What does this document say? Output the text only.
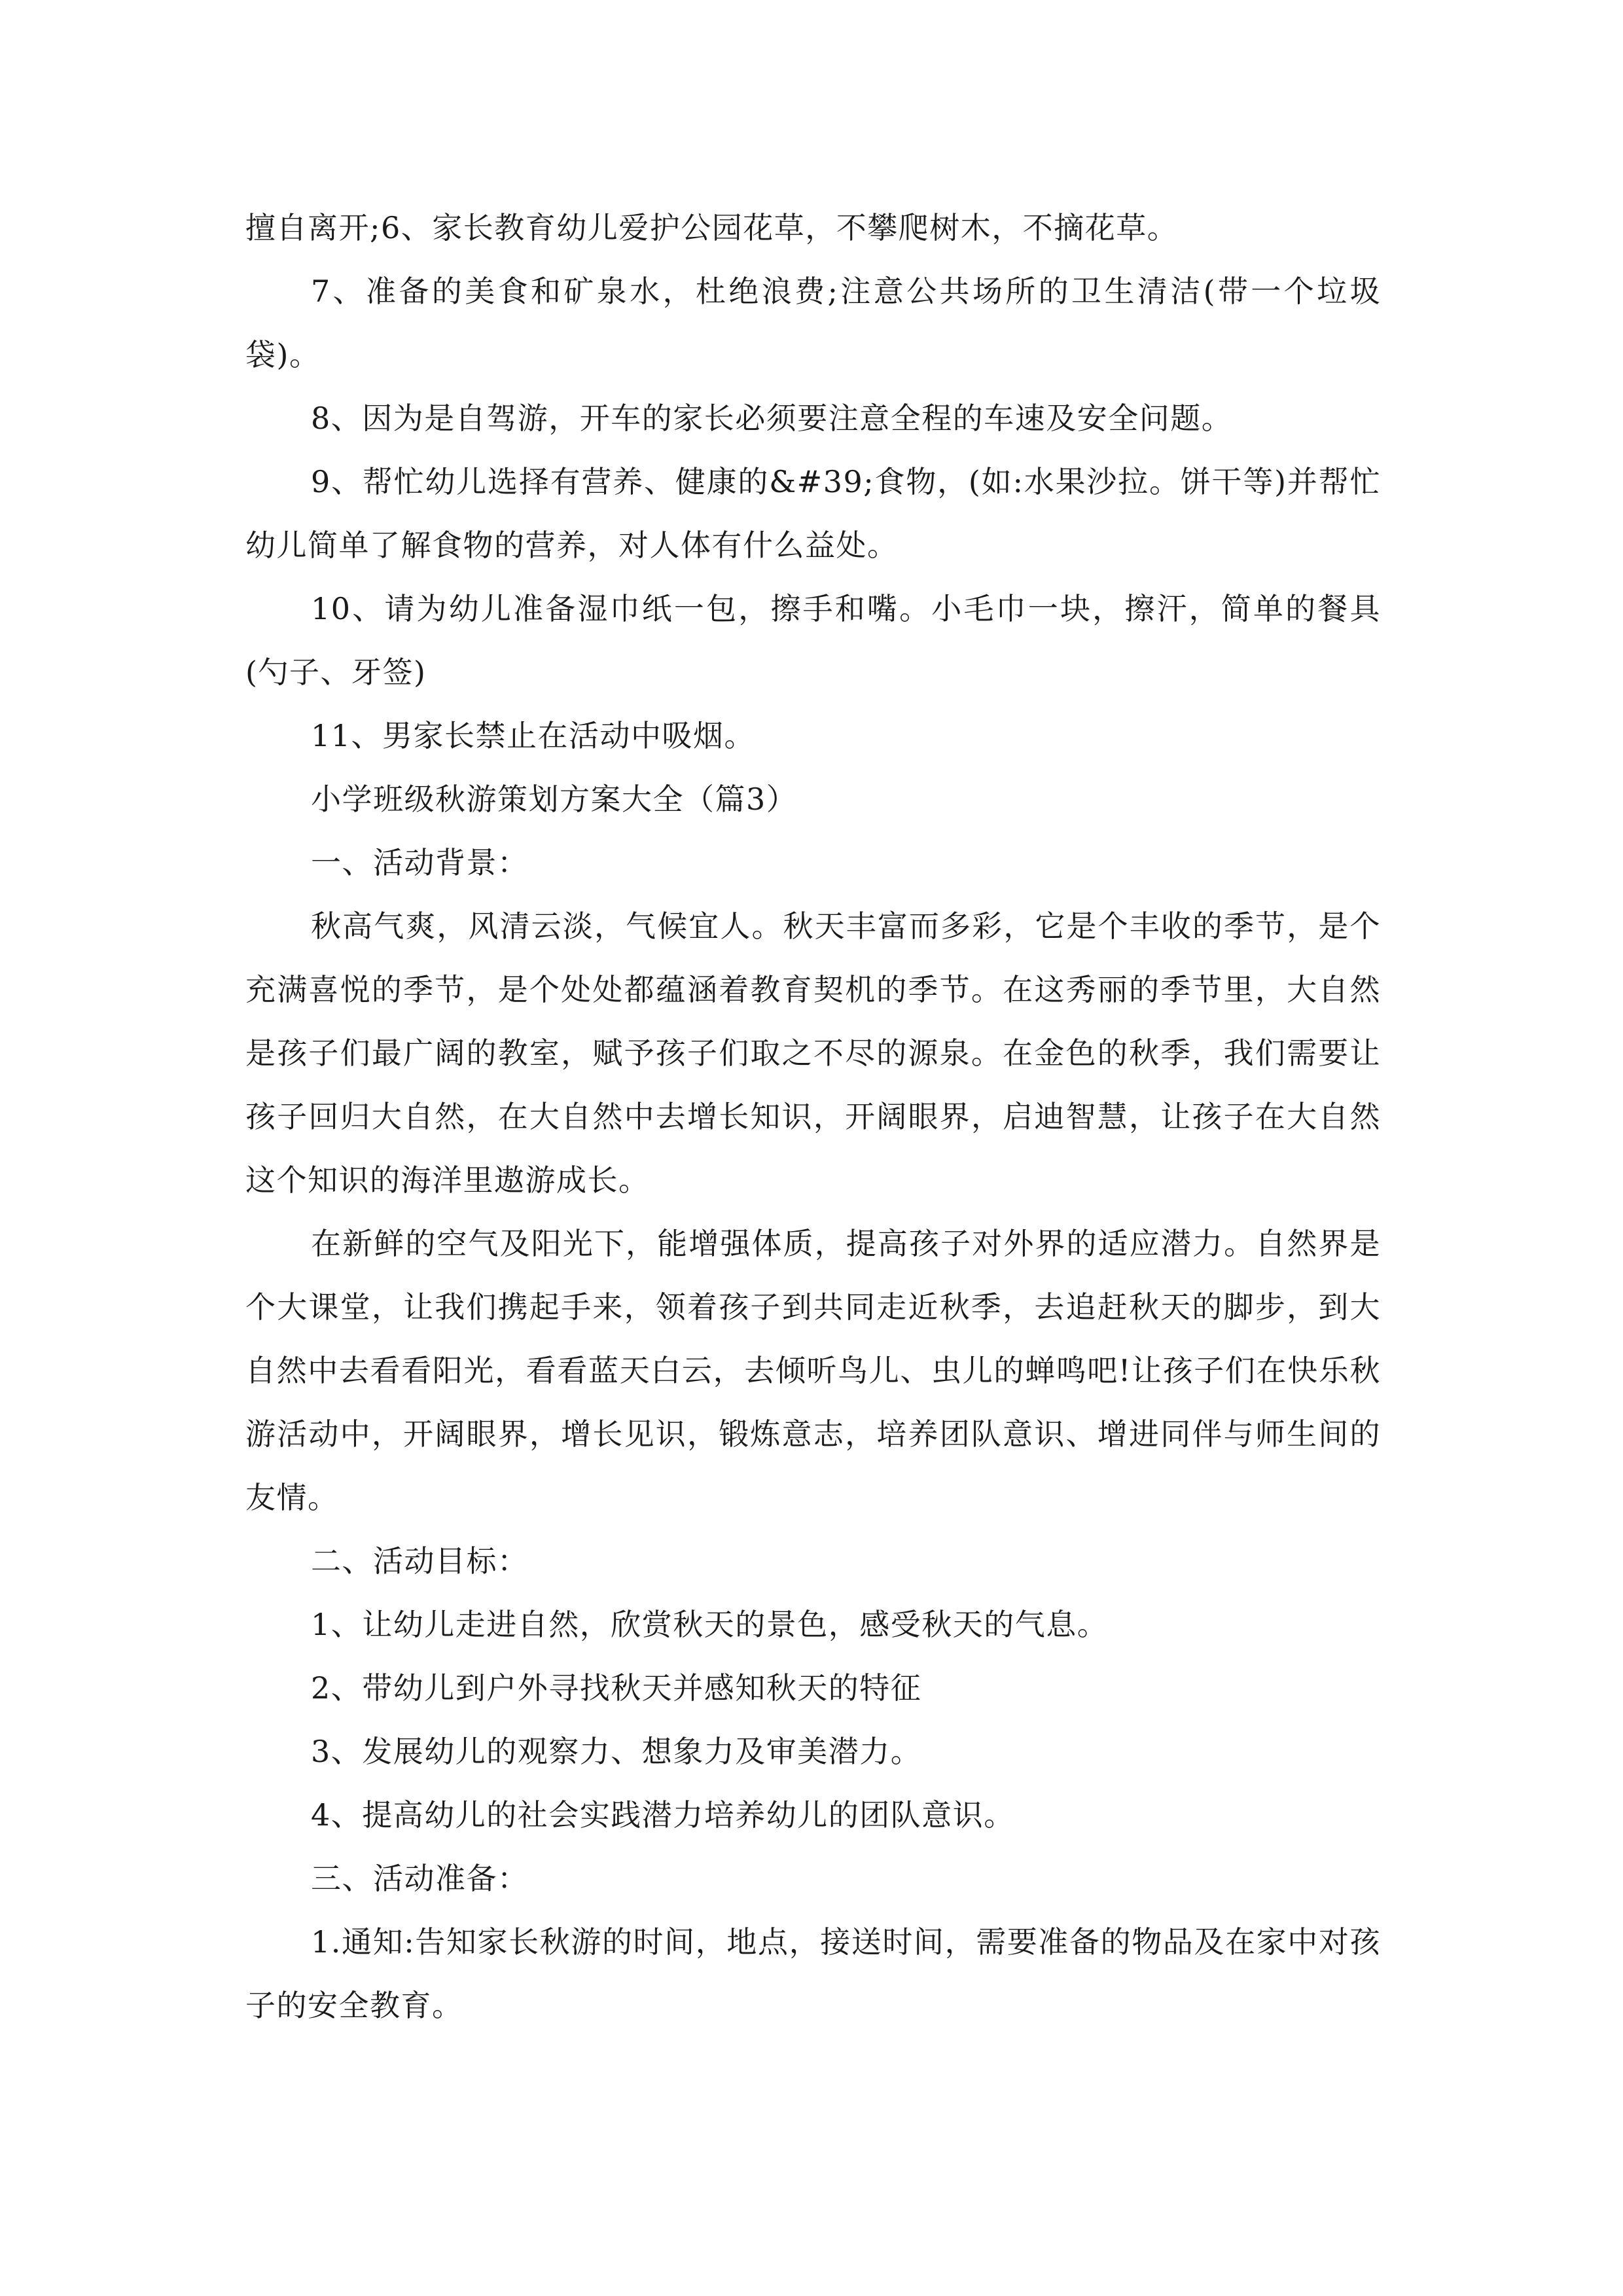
擅自离开;6、家长教育幼儿爱护公园花草，不攀爬树木，不摘花草。

7、准备的美食和矿泉水，杜绝浪费;注意公共场所的卫生清洁(带一个垃圾袋)。

8、因为是自驾游，开车的家长必须要注意全程的车速及安全问题。

9、帮忙幼儿选择有营养、健康的&#39;食物，(如:水果沙拉。饼干等)并帮忙幼儿简单了解食物的营养，对人体有什么益处。

10、请为幼儿准备湿巾纸一包，擦手和嘴。小毛巾一块，擦汗，简单的餐具(勺子、牙签)

11、男家长禁止在活动中吸烟。

小学班级秋游策划方案大全（篇3）

一、活动背景：

秋高气爽，风清云淡，气候宜人。秋天丰富而多彩，它是个丰收的季节，是个充满喜悦的季节，是个处处都蕴涵着教育契机的季节。在这秀丽的季节里，大自然是孩子们最广阔的教室，赋予孩子们取之不尽的源泉。在金色的秋季，我们需要让孩子回归大自然，在大自然中去增长知识，开阔眼界，启迪智慧，让孩子在大自然这个知识的海洋里遨游成长。

在新鲜的空气及阳光下，能增强体质，提高孩子对外界的适应潜力。自然界是个大课堂，让我们携起手来，领着孩子到共同走近秋季，去追赶秋天的脚步，到大自然中去看看阳光，看看蓝天白云，去倾听鸟儿、虫儿的蝉鸣吧!让孩子们在快乐秋游活动中，开阔眼界，增长见识，锻炼意志，培养团队意识、增进同伴与师生间的友情。

二、活动目标：

1、让幼儿走进自然，欣赏秋天的景色，感受秋天的气息。

2、带幼儿到户外寻找秋天并感知秋天的特征

3、发展幼儿的观察力、想象力及审美潜力。

4、提高幼儿的社会实践潜力培养幼儿的团队意识。

三、活动准备：

1.通知:告知家长秋游的时间，地点，接送时间，需要准备的物品及在家中对孩子的安全教育。
